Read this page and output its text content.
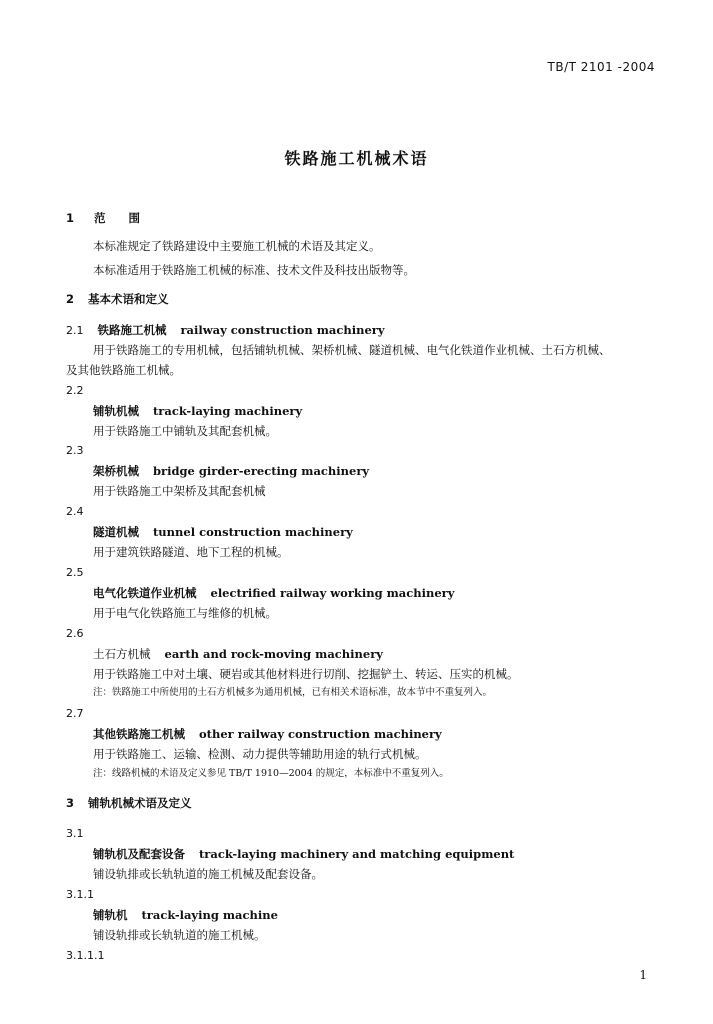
TB/T 2101 -2004
铁路施工机械术语
1 范　　围
本标准规定了铁路建设中主要施工机械的术语及其定义。
本标准适用于铁路施工机械的标准、技术文件及科技出版物等。
2 基本术语和定义
2.1 铁路施工机械 railway construction machinery
用于铁路施工的专用机械，包括铺轨机械、架桥机械、隧道机械、电气化铁道作业机械、土石方机械、
及其他铁路施工机械。
2.2
铺轨机械 track-laying machinery
用于铁路施工中铺轨及其配套机械。
2.3
架桥机械 bridge girder-erecting machinery
用于铁路施工中架桥及其配套机械
2.4
隧道机械 tunnel construction machinery
用于建筑铁路隧道、地下工程的机械。
2.5
电气化铁道作业机械 electrified railway working machinery
用于电气化铁路施工与维修的机械。
2.6
土石方机械 earth and rock-moving machinery
用于铁路施工中对土壤、硬岩或其他材料进行切削、挖掘铲土、转运、压实的机械。
注：铁路施工中所使用的土石方机械多为通用机械，已有相关术语标准，故本节中不重复列入。
2.7
其他铁路施工机械 other railway construction machinery
用于铁路施工、运输、检测、动力提供等辅助用途的轨行式机械。
注：线路机械的术语及定义参见 TB/T 1910—2004 的规定，本标准中不重复列入。
3 铺轨机械术语及定义
3.1
铺轨机及配套设备 track-laying machinery and matching equipment
铺设轨排或长轨轨道的施工机械及配套设备。
3.1.1
铺轨机 track-laying machine
铺设轨排或长轨轨道的施工机械。
3.1.1.1
1
